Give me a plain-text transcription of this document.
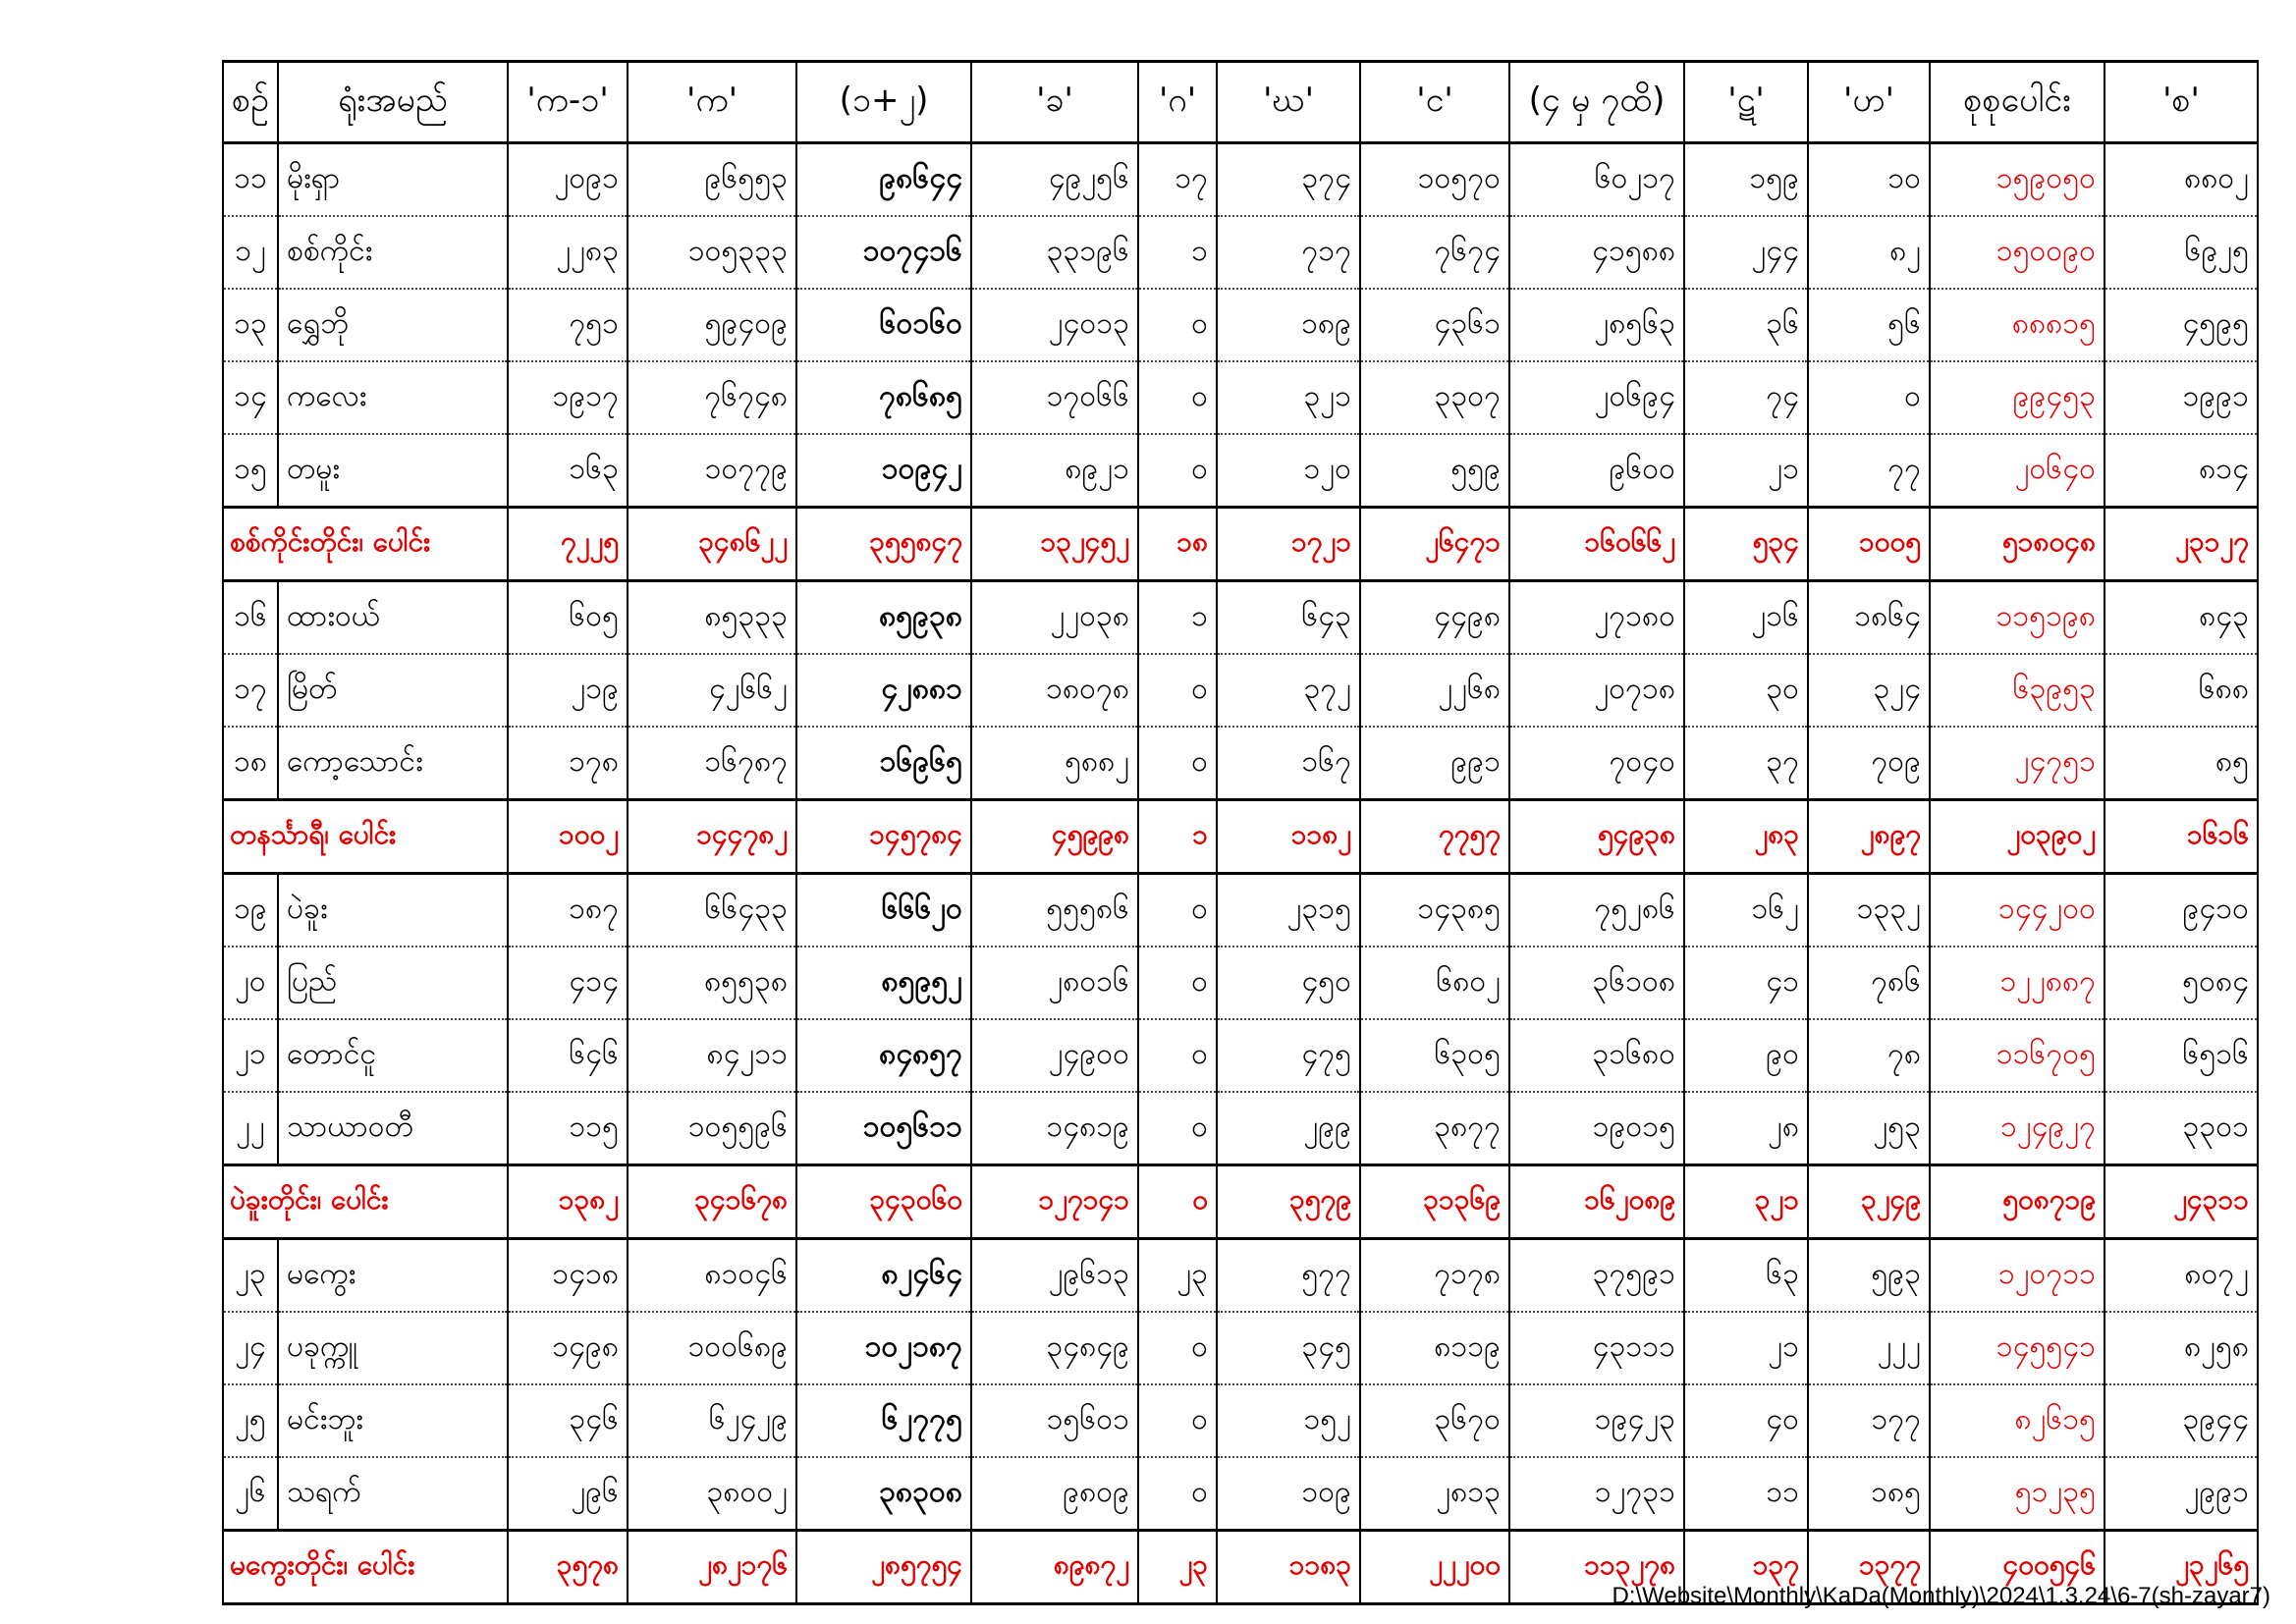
စဉ်	ရုံးအမည်	'က-၁'	'က'	(၁+၂)	'ခ'	'ဂ'	'ဃ'	'င'	(၄ မှ ၇ထိ)	'ဋ'	'ဟ'	စုစုပေါင်း	'စ'
၁၁	မိုးရှာ	၂၀၉၁	၉၆၅၅၃	၉၈၆၄၄	၄၉၂၅၆	၁၇	၃၇၄	၁၀၅၇၀	၆၀၂၁၇	၁၅၉	၁၀	၁၅၉၀၅၀	၈၈၀၂
၁၂	စစ်ကိုင်း	၂၂၈၃	၁၀၅၃၃၃	၁၀၇၄၁၆	၃၃၁၉၆	၁	၇၁၇	၇၆၇၄	၄၁၅၈၈	၂၄၄	၈၂	၁၅၀၀၉၀	၆၉၂၅
၁၃	ရွှေဘို	၇၅၁	၅၉၄၀၉	၆၀၁၆၀	၂၄၀၁၃	၀	၁၈၉	၄၃၆၁	၂၈၅၆၃	၃၆	၅၆	၈၈၈၁၅	၄၅၉၅
၁၄	ကလေး	၁၉၁၇	၇၆၇၄၈	၇၈၆၈၅	၁၇၀၆၆	၀	၃၂၁	၃၃၀၇	၂၀၆၉၄	၇၄	၀	၉၉၄၅၃	၁၉၉၁
၁၅	တမူး	၁၆၃	၁၀၇၇၉	၁၀၉၄၂	၈၉၂၁	၀	၁၂၀	၅၅၉	၉၆၀၀	၂၁	၇၇	၂၀၆၄၀	၈၁၄
စစ်ကိုင်းတိုင်း၊ ပေါင်း		၇၂၂၅	၃၄၈၆၂၂	၃၅၅၈၄၇	၁၃၂၄၅၂	၁၈	၁၇၂၁	၂၆၄၇၁	၁၆၀၆၆၂	၅၃၄	၁၀၀၅	၅၁၈၀၄၈	၂၃၁၂၇
၁၆	ထားဝယ်	၆၀၅	၈၅၃၃၃	၈၅၉၃၈	၂၂၀၃၈	၁	၆၄၃	၄၄၉၈	၂၇၁၈၀	၂၁၆	၁၈၆၄	၁၁၅၁၉၈	၈၄၃
၁၇	မြိတ်	၂၁၉	၄၂၆၆၂	၄၂၈၈၁	၁၈၀၇၈	၀	၃၇၂	၂၂၆၈	၂၀၇၁၈	၃၀	၃၂၄	၆၃၉၅၃	၆၈၈
၁၈	ကော့သောင်း	၁၇၈	၁၆၇၈၇	၁၆၉၆၅	၅၈၈၂	၀	၁၆၇	၉၉၁	၇၀၄၀	၃၇	၇၀၉	၂၄၇၅၁	၈၅
တနင်္သာရီ၊ ပေါင်း		၁၀၀၂	၁၄၄၇၈၂	၁၄၅၇၈၄	၄၅၉၉၈	၁	၁၁၈၂	၇၇၅၇	၅၄၉၃၈	၂၈၃	၂၈၉၇	၂၀၃၉၀၂	၁၆၁၆
၁၉	ပဲခူး	၁၈၇	၆၆၄၃၃	၆၆၆၂၀	၅၅၅၈၆	၀	၂၃၁၅	၁၄၃၈၅	၇၅၂၈၆	၁၆၂	၁၃၃၂	၁၄၄၂၀၀	၉၄၁၀
၂၀	ပြည်	၄၁၄	၈၅၅၃၈	၈၅၉၅၂	၂၈၀၁၆	၀	၄၅၀	၆၈၀၂	၃၆၁၀၈	၄၁	၇၈၆	၁၂၂၈၈၇	၅၀၈၄
၂၁	တောင်ငူ	၆၄၆	၈၄၂၁၁	၈၄၈၅၇	၂၄၉၀၀	၀	၄၇၅	၆၃၀၅	၃၁၆၈၀	၉၀	၇၈	၁၁၆၇၀၅	၆၅၁၆
၂၂	သာယာဝတီ	၁၁၅	၁၀၅၅၉၆	၁၀၅၆၁၁	၁၄၈၁၉	၀	၂၉၉	၃၈၇၇	၁၉၀၁၅	၂၈	၂၅၃	၁၂၄၉၂၇	၃၃၀၁
ပဲခူးတိုင်း၊ ပေါင်း		၁၃၈၂	၃၄၁၆၇၈	၃၄၃၀၆၀	၁၂၇၁၄၁	၀	၃၅၇၉	၃၁၃၆၉	၁၆၂၀၈၉	၃၂၁	၃၂၄၉	၅၀၈၇၁၉	၂၄၃၁၁
၂၃	မကွေး	၁၄၁၈	၈၁၀၄၆	၈၂၄၆၄	၂၉၆၁၃	၂၃	၅၇၇	၇၁၇၈	၃၇၅၉၁	၆၃	၅၉၃	၁၂၀၇၁၁	၈၀၇၂
၂၄	ပခုက္ကူ	၁၄၉၈	၁၀၀၆၈၉	၁၀၂၁၈၇	၃၄၈၄၉	၀	၃၄၅	၈၁၁၉	၄၃၁၁၁	၂၁	၂၂၂	၁၄၅၅၄၁	၈၂၅၈
၂၅	မင်းဘူး	၃၄၆	၆၂၄၂၉	၆၂၇၇၅	၁၅၆၀၁	၀	၁၅၂	၃၆၇၀	၁၉၄၂၃	၄၀	၁၇၇	၈၂၆၁၅	၃၉၄၄
၂၆	သရက်	၂၉၆	၃၈၀၀၂	၃၈၃၀၈	၉၈၀၉	၀	၁၀၉	၂၈၁၃	၁၂၇၃၁	၁၁	၁၈၅	၅၁၂၃၅	၂၉၉၁
မကွေးတိုင်း၊ ပေါင်း		၃၅၇၈	၂၈၂၁၇၆	၂၈၅၇၅၄	၈၉၈၇၂	၂၃	၁၁၈၃	၂၂၂၀၀	၁၁၃၂၇၈	၁၃၇	၁၃၇၇	၄၀၀၅၄၆	၂၃၂၆၅
D:\Website\Monthly\KaDa(Monthly)\2024\1.3.24\6-7(sh-zayar7)
